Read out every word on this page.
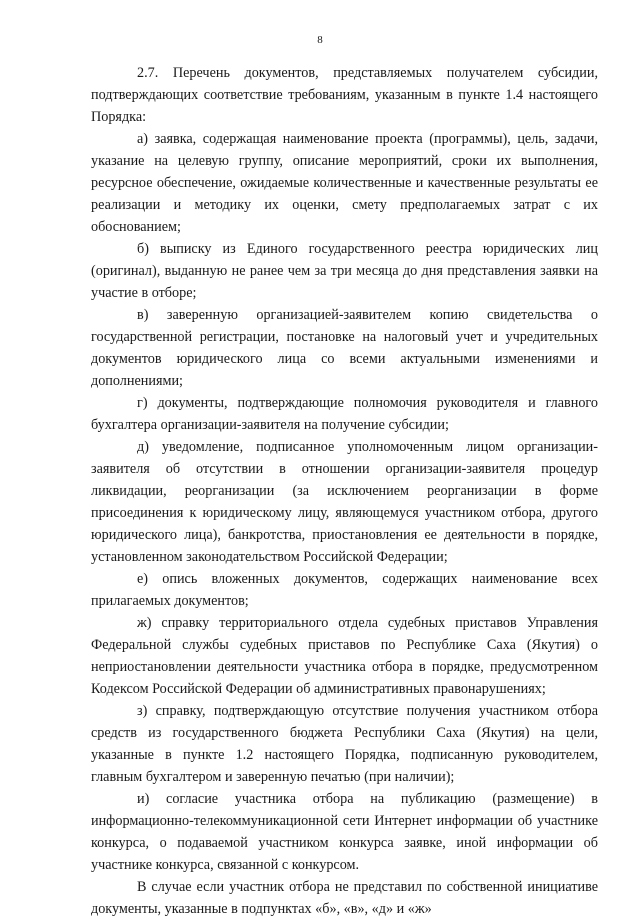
8

2.7. Перечень документов, представляемых получателем субсидии, подтверждающих соответствие требованиям, указанным в пункте 1.4 настоящего Порядка:

а) заявка, содержащая наименование проекта (программы), цель, задачи, указание на целевую группу, описание мероприятий, сроки их выполнения, ресурсное обеспечение, ожидаемые количественные и качественные результаты ее реализации и методику их оценки, смету предполагаемых затрат с их обоснованием;

б) выписку из Единого государственного реестра юридических лиц (оригинал), выданную не ранее чем за три месяца до дня представления заявки на участие в отборе;

в) заверенную организацией-заявителем копию свидетельства о государственной регистрации, постановке на налоговый учет и учредительных документов юридического лица со всеми актуальными изменениями и дополнениями;

г) документы, подтверждающие полномочия руководителя и главного бухгалтера организации-заявителя на получение субсидии;

д) уведомление, подписанное уполномоченным лицом организации-заявителя об отсутствии в отношении организации-заявителя процедур ликвидации, реорганизации (за исключением реорганизации в форме присоединения к юридическому лицу, являющемуся участником отбора, другого юридического лица), банкротства, приостановления ее деятельности в порядке, установленном законодательством Российской Федерации;

е) опись вложенных документов, содержащих наименование всех прилагаемых документов;

ж) справку территориального отдела судебных приставов Управления Федеральной службы судебных приставов по Республике Саха (Якутия) о неприостановлении деятельности участника отбора в порядке, предусмотренном Кодексом Российской Федерации об административных правонарушениях;

з) справку, подтверждающую отсутствие получения участником отбора средств из государственного бюджета Республики Саха (Якутия) на цели, указанные в пункте 1.2 настоящего Порядка, подписанную руководителем, главным бухгалтером и заверенную печатью (при наличии);

и) согласие участника отбора на публикацию (размещение) в информационно-телекоммуникационной сети Интернет информации об участнике конкурса, о подаваемой участником конкурса заявке, иной информации об участнике конкурса, связанной с конкурсом.

В случае если участник отбора не представил по собственной инициативе документы, указанные в подпунктах «б», «в», «д» и «ж»
